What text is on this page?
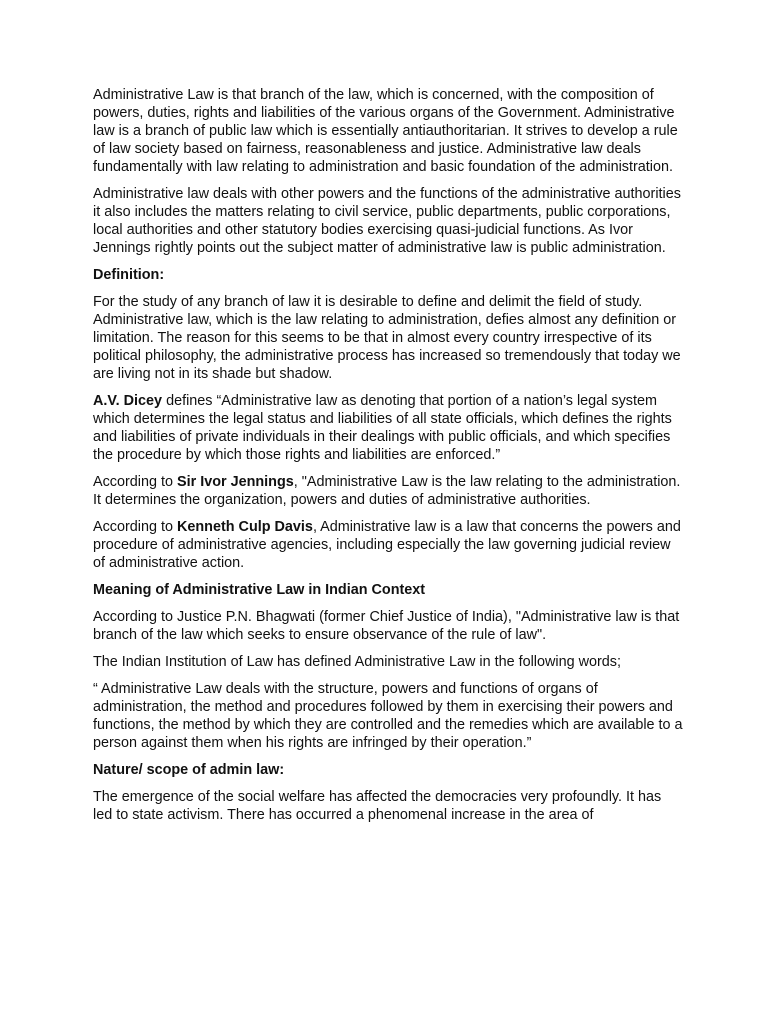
Administrative Law is that branch of the law, which is concerned, with the composition of powers, duties, rights and liabilities of the various organs of the Government. Administrative law is a branch of public law which is essentially antiauthoritarian. It strives to develop a rule of law society based on fairness, reasonableness and justice. Administrative law deals fundamentally with law relating to administration and basic foundation of the administration.

Administrative law deals with other powers and the functions of the administrative authorities it also includes the matters relating to civil service, public departments, public corporations, local authorities and other statutory bodies exercising quasi-judicial functions. As Ivor Jennings rightly points out the subject matter of administrative law is public administration.

Definition:

For the study of any branch of law it is desirable to define and delimit the field of study. Administrative law, which is the law relating to administration, defies almost any definition or limitation. The reason for this seems to be that in almost every country irrespective of its political philosophy, the administrative process has increased so tremendously that today we are living not in its shade but shadow.

A.V. Dicey defines “Administrative law as denoting that portion of a nation’s legal system which determines the legal status and liabilities of all state officials, which defines the rights and liabilities of private individuals in their dealings with public officials, and which specifies the procedure by which those rights and liabilities are enforced.”

According to Sir Ivor Jennings, "Administrative Law is the law relating to the administration. It determines the organization, powers and duties of administrative authorities.

According to Kenneth Culp Davis, Administrative law is a law that concerns the powers and procedure of administrative agencies, including especially the law governing judicial review of administrative action.

Meaning of Administrative Law in Indian Context

According to Justice P.N. Bhagwati (former Chief Justice of India), "Administrative law is that branch of the law which seeks to ensure observance of the rule of law".

The Indian Institution of Law has defined Administrative Law in the following words;

“ Administrative Law deals with the structure, powers and functions of organs of administration, the method and procedures followed by them in exercising their powers and functions, the method by which they are controlled and the remedies which are available to a person against them when his rights are infringed by their operation.”

Nature/ scope of admin law:

The emergence of the social welfare has affected the democracies very profoundly. It has led to state activism. There has occurred a phenomenal increase in the area of
